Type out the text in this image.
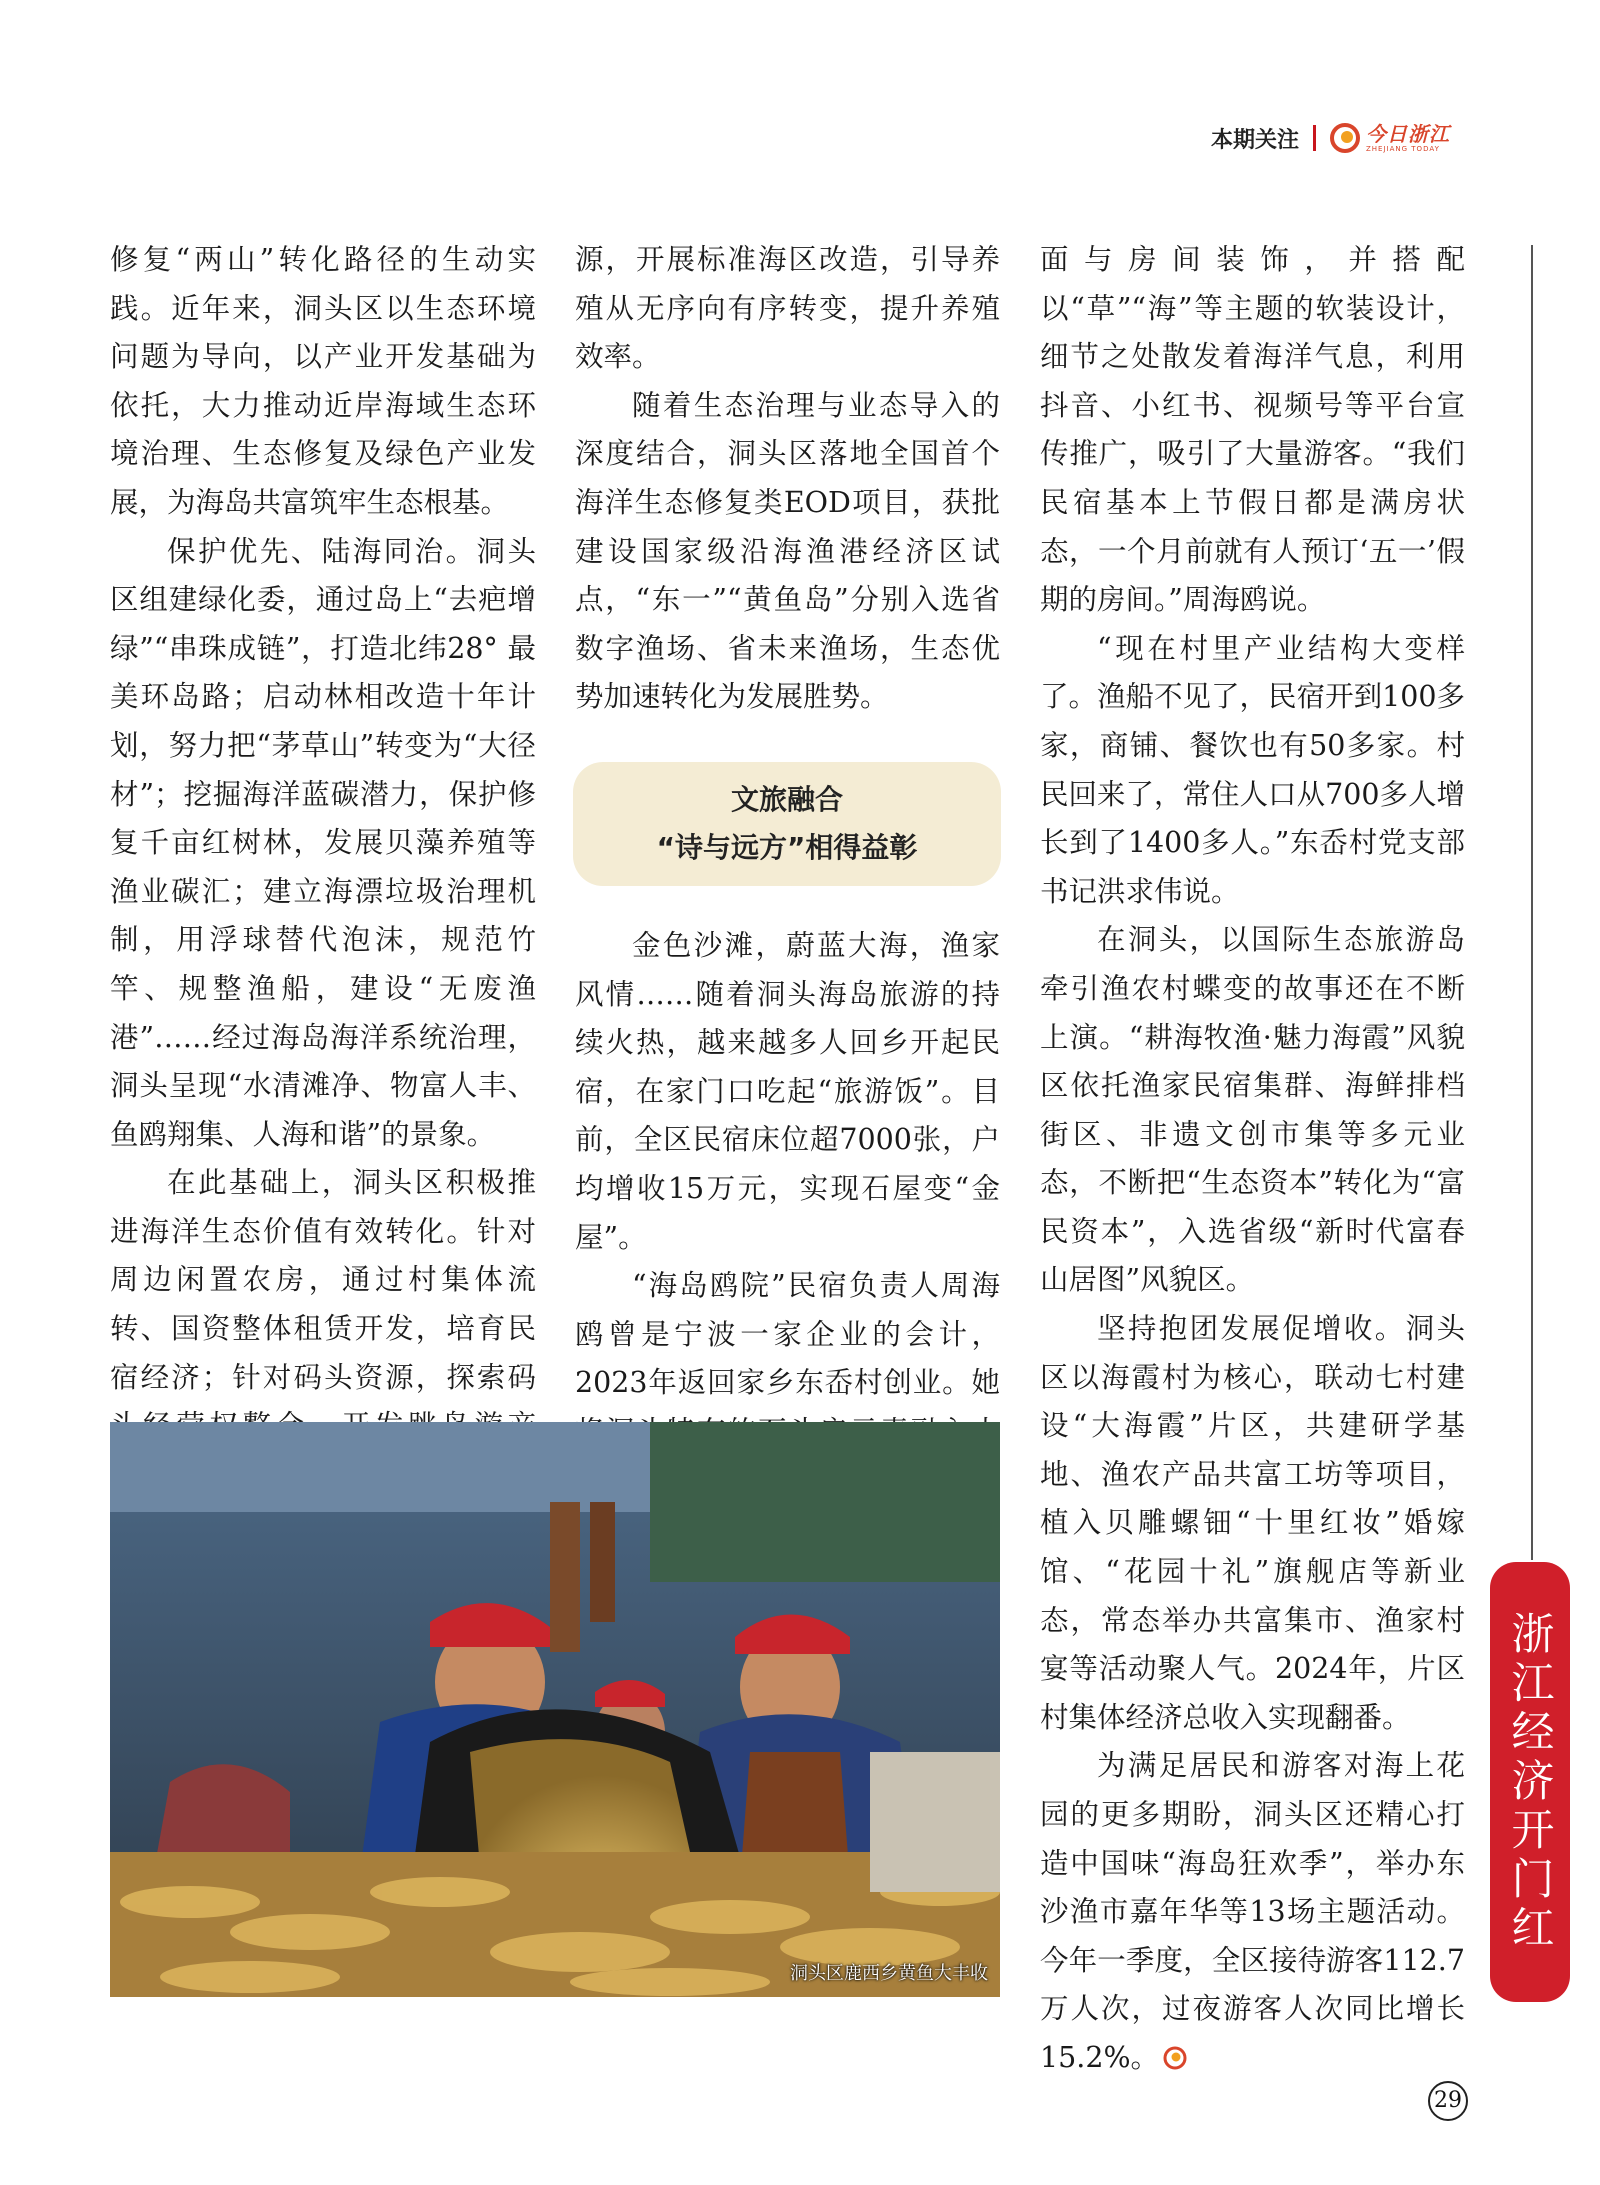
本期关注	今日浙江
ZHEJIANG TODAY

修复“两山”转化路径的生动实践。近年来，洞头区以生态环境问题为导向，以产业开发基础为依托，大力推动近岸海域生态环境治理、生态修复及绿色产业发展，为海岛共富筑牢生态根基。

保护优先、陆海同治。洞头区组建绿化委，通过岛上“去疤增绿”“串珠成链”，打造北纬28° 最美环岛路；启动林相改造十年计划，努力把“茅草山”转变为“大径材”；挖掘海洋蓝碳潜力，保护修复千亩红树林，发展贝藻养殖等渔业碳汇；建立海漂垃圾治理机制，用浮球替代泡沫，规范竹竿、规整渔船，建设“无废渔港”……经过海岛海洋系统治理，洞头呈现“水清滩净、物富人丰、鱼鸥翔集、人海和谐”的景象。

在此基础上，洞头区积极推进海洋生态价值有效转化。针对周边闲置农房，通过村集体流转、国资整体租赁开发，培育民宿经济；针对码头资源，探索码

源，开展标准海区改造，引导养殖从无序向有序转变，提升养殖效率。

随着生态治理与业态导入的深度结合，洞头区落地全国首个海洋生态修复类EOD项目，获批建设国家级沿海渔港经济区试点，“东一”“黄鱼岛”分别入选省数字渔场、省未来渔场，生态优势加速转化为发展胜势。

文旅融合
“诗与远方”相得益彰

金色沙滩，蔚蓝大海，渔家风情……随着洞头海岛旅游的持续火热，越来越多人回乡开起民宿，在家门口吃起“旅游饭”。目前，全区民宿床位超7000张，户均增收15万元，实现石屋变“金屋”。

“海岛鸥院”民宿负责人周海鸥曾是宁波一家企业的会计，2023年返回家乡东岙村创业。她

面与房间装饰，并搭配以“草”“海”等主题的软装设计，细节之处散发着海洋气息，利用抖音、小红书、视频号等平台宣传推广，吸引了大量游客。“我们民宿基本上节假日都是满房状态，一个月前就有人预订‘五一’假期的房间。”周海鸥说。

“现在村里产业结构大变样了。渔船不见了，民宿开到100多家，商铺、餐饮也有50多家。村民回来了，常住人口从700多人增长到了1400多人。”东岙村党支部书记洪求伟说。

在洞头，以国际生态旅游岛牵引渔农村蝶变的故事还在不断上演。“耕海牧渔·魅力海霞”风貌区依托渔家民宿集群、海鲜排档街区、非遗文创市集等多元业态，不断把“生态资本”转化为“富民资本”，入选省级“新时代富春山居图”风貌区。

坚持抱团发展促增收。洞头区以海霞村为核心，联动七村建设“大海霞”片区，共建研学基地、渔农产品共富工坊等项目，植入贝雕螺钿“十里红妆”婚嫁馆、“花园十礼”旗舰店等新业态，常态举办共富集市、渔家村宴等活动聚人气。2024年，片区村集体经济总收入实现翻番。

为满足居民和游客对海上花园的更多期盼，洞头区还精心打造中国味“海岛狂欢季”，举办东沙渔市嘉年华等13场主题活动。今年一季度，全区接待游客112.7万人次，过夜游客人次同比增长15.2%。

洞头区鹿西乡黄鱼大丰收
浙江经济开门红
29
